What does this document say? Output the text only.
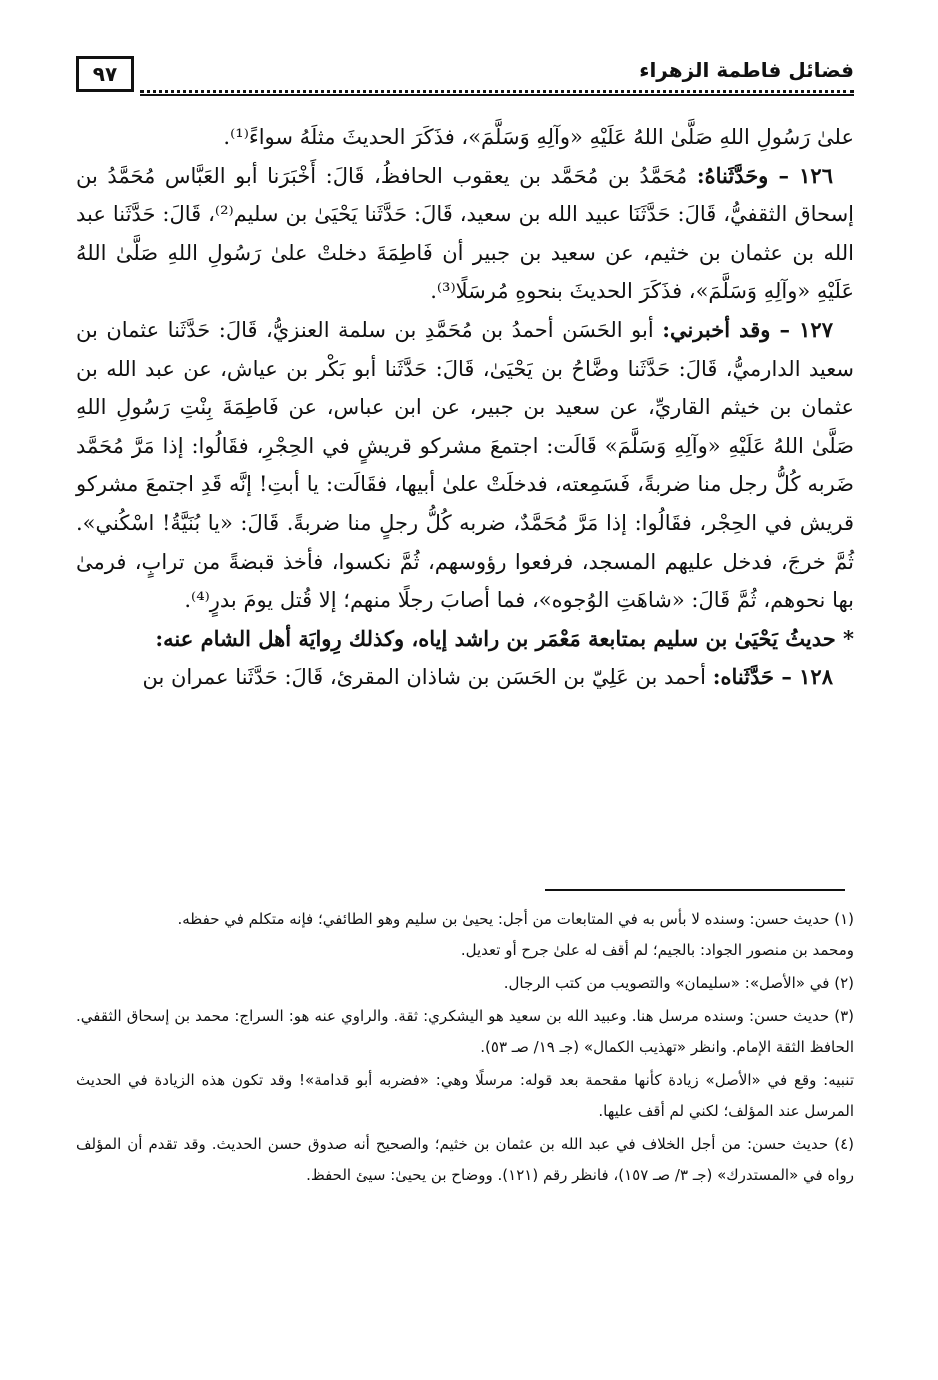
٩٧	فضائل فاطمة الزهراء

علىٰ رَسُولِ اللهِ صَلَّىٰ اللهُ عَلَيْهِ «وآلِهِ وَسَلَّمَ»، فذَكَرَ الحديثَ مثلَهُ سواءً⁽¹⁾.

 ١٢٦ – وحَدَّثَناهُ: مُحَمَّدُ بن مُحَمَّد بن يعقوب الحافظُ، قَالَ: أَخْبَرَنا أبو العَبَّاس مُحَمَّدُ بن إسحاق الثقفيُّ، قَالَ: حَدَّثَنَا عبيد الله بن سعيد، قَالَ: حَدَّثَنا يَحْيَىٰ بن سليم⁽²⁾، قَالَ: حَدَّثَنا عبد الله بن عثمان بن خثيم، عن سعيد بن جبير أن فَاطِمَةَ دخلتْ علىٰ رَسُولِ اللهِ صَلَّىٰ اللهُ عَلَيْهِ «وآلِهِ وَسَلَّمَ»، فذَكَرَ الحديثَ بنحوهِ مُرسَلًا⁽³⁾.

 ١٢٧ – وقد أخبرني: أبو الحَسَن أحمدُ بن مُحَمَّدِ بن سلمة العنزيُّ، قَالَ: حَدَّثَنا عثمان بن سعيد الدارميُّ، قَالَ: حَدَّثَنا وضَّاحُ بن يَحْيَىٰ، قَالَ: حَدَّثَنا أبو بَكْر بن عياش، عن عبد الله بن عثمان بن خيثم القاريِّ، عن سعيد بن جبير، عن ابن عباس، عن فَاطِمَةَ بِنْتِ رَسُولِ اللهِ صَلَّىٰ اللهُ عَلَيْهِ «وآلِهِ وَسَلَّمَ» قَالَت: اجتمعَ مشركو قريشٍ في الحِجْرِ، فقَالُوا: إذا مَرَّ مُحَمَّد ضَربه كُلُّ رجل منا ضربةً، فَسَمِعته، فدخلَتْ علىٰ أبيها، فقَالَت: يا أبتِ! إنَّه قَدِ اجتمعَ مشركو قريش في الحِجْر، فقَالُوا: إذا مَرَّ مُحَمَّدٌ، ضربه كُلُّ رجلٍ منا ضربةً. قَالَ: «يا بُنَيَّةُ! اسْكُني». ثُمَّ خرجَ، فدخل عليهم المسجد، فرفعوا رؤوسهم، ثُمَّ نكسوا، فأخذ قبضةً من ترابٍ، فرمىٰ بها نحوهم، ثُمَّ قَالَ: «شاهَتِ الوُجوه»، فما أصابَ رجلًا منهم؛ إلا قُتل يومَ بدرٍ⁽⁴⁾.

* حديثُ يَحْيَىٰ بن سليم بمتابعة مَعْمَر بن راشد إياه، وكذلك رِوايَة أهل الشام عنه:

 ١٢٨ – حَدَّثَناه: أحمد بن عَلِيّ بن الحَسَن بن شاذان المقرئ، قَالَ: حَدَّثَنا عمران بن

(١) حديث حسن: وسنده لا بأس به في المتابعات من أجل: يحيىٰ بن سليم وهو الطائفي؛ فإنه متكلم في حفظه.

ومحمد بن منصور الجواد: بالجيم؛ لم أقف له علىٰ جرح أو تعديل.

(٢) في «الأصل»: «سليمان» والتصويب من كتب الرجال.

(٣) حديث حسن: وسنده مرسل هنا. وعبيد الله بن سعيد هو اليشكري: ثقة. والراوي عنه هو: السراج: محمد بن إسحاق الثقفي. الحافظ الثقة الإمام. وانظر «تهذيب الكمال» (جـ ١٩/ صـ ٥٣).

تنبيه: وقع في «الأصل» زيادة كأنها مقحمة بعد قوله: مرسلًا وهي: «فضربه أبو قدامة»! وقد تكون هذه الزيادة في الحديث المرسل عند المؤلف؛ لكني لم أقف عليها.

(٤) حديث حسن: من أجل الخلاف في عبد الله بن عثمان بن خثيم؛ والصحيح أنه صدوق حسن الحديث. وقد تقدم أن المؤلف رواه في «المستدرك» (جـ ٣/ صـ ١٥٧)، فانظر رقم (١٢١). ووضاح بن يحيىٰ: سيئ الحفظ.
